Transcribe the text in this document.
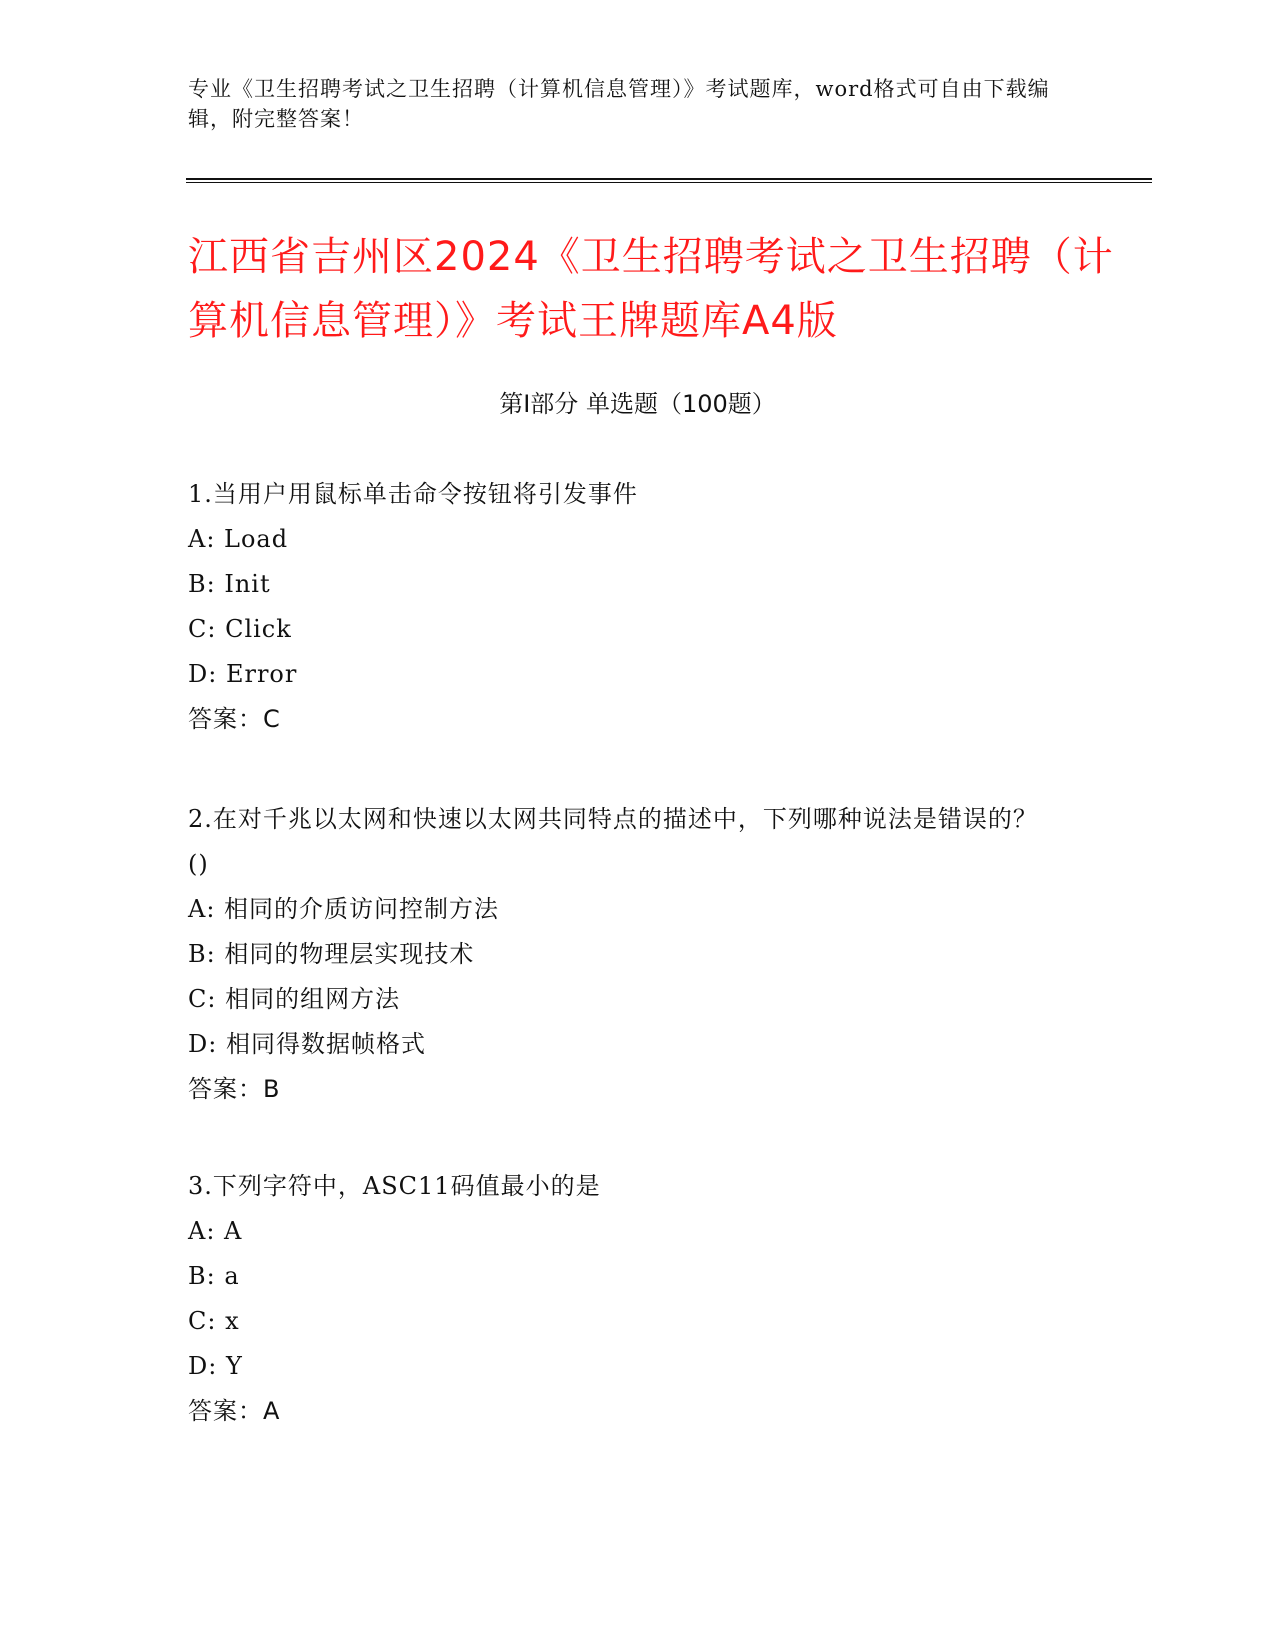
专业《卫生招聘考试之卫生招聘（计算机信息管理）》考试题库，word格式可自由下载编辑，附完整答案！
江西省吉州区2024《卫生招聘考试之卫生招聘（计算机信息管理）》考试王牌题库A4版
第I部分 单选题（100题）
1.当用户用鼠标单击命令按钮将引发事件
A: Load
B: Init
C: Click
D: Error
答案：C
2.在对千兆以太网和快速以太网共同特点的描述中，下列哪种说法是错误的？()
A: 相同的介质访问控制方法
B: 相同的物理层实现技术
C: 相同的组网方法
D: 相同得数据帧格式
答案：B
3.下列字符中，ASC11码值最小的是
A: A
B: a
C: x
D: Y
答案：A
